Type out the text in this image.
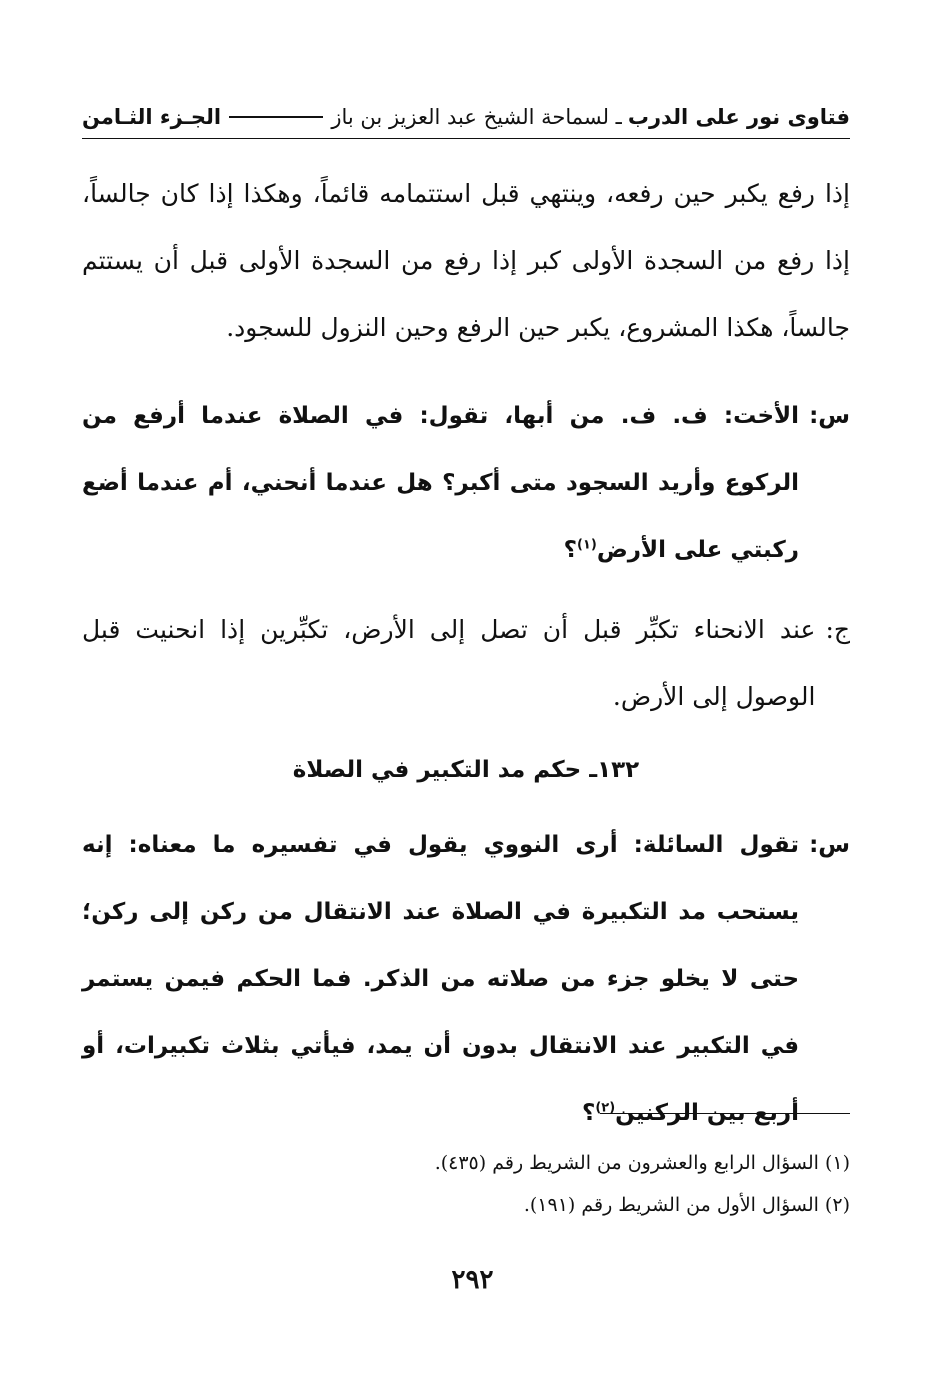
فتاوى نور على الدرب
ـ لسماحة الشيخ عبد العزيز بن باز
الجـزء الثـامن

إذا رفع يكبر حين رفعه، وينتهي قبل استتمامه قائماً، وهكذا إذا كان جالساً، إذا رفع من السجدة الأولى كبر إذا رفع من السجدة الأولى قبل أن يستتم جالساً، هكذا المشروع، يكبر حين الرفع وحين النزول للسجود.

س:

الأخت: ف. ف. من أبها، تقول: في الصلاة عندما أرفع من الركوع وأريد السجود متى أكبر؟ هل عندما أنحني، أم عندما أضع ركبتي على الأرض$^{(١)}$؟

ج:

عند الانحناء تكبِّر قبل أن تصل إلى الأرض، تكبِّرين إذا انحنيت قبل الوصول إلى الأرض.

١٣٢ـ حكم مد التكبير في الصلاة
س:

تقول السائلة: أرى النووي يقول في تفسيره ما معناه: إنه يستحب مد التكبيرة في الصلاة عند الانتقال من ركن إلى ركن؛ حتى لا يخلو جزء من صلاته من الذكر. فما الحكم فيمن يستمر في التكبير عند الانتقال بدون أن يمد، فيأتي بثلاث تكبيرات، أو أربع بين الركنين$^{(٢)}$؟

(١) السؤال الرابع والعشرون من الشريط رقم (٤٣٥).
(٢) السؤال الأول من الشريط رقم (١٩١).
٢٩٢
